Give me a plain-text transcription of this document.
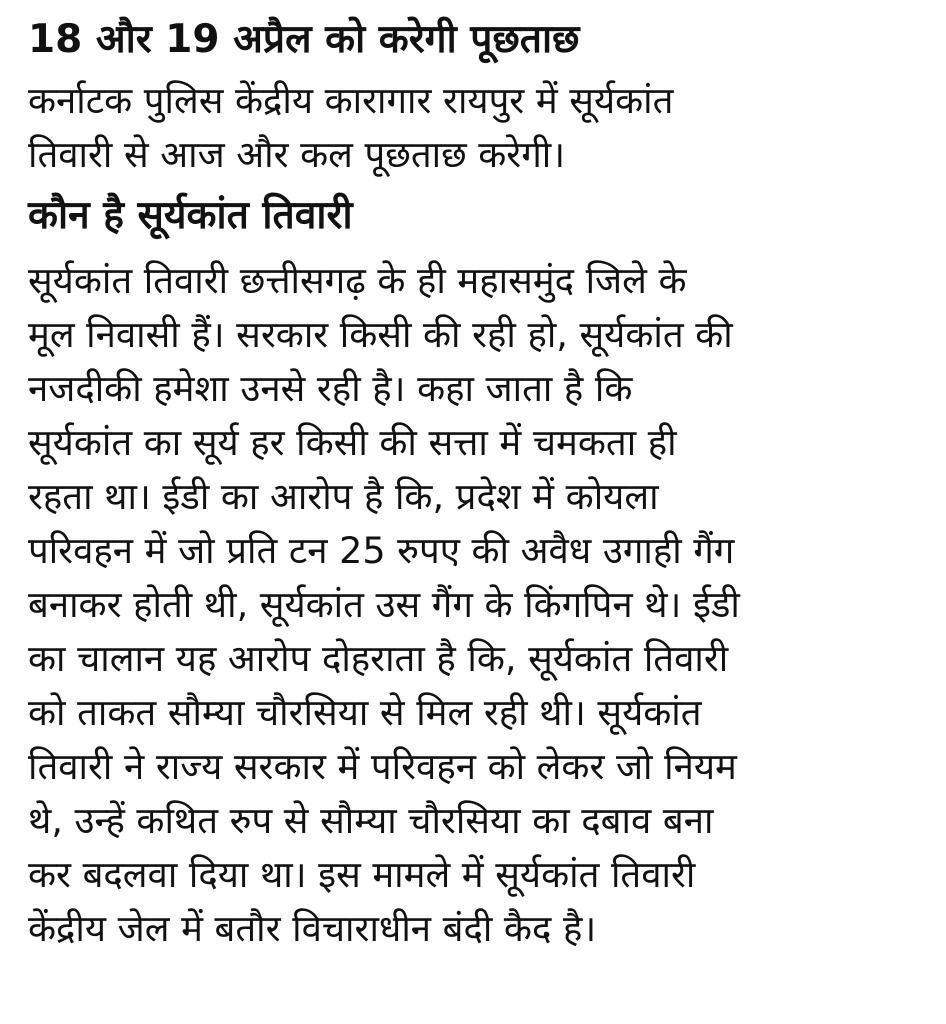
18 और 19 अप्रैल को करेगी पूछताछ

कर्नाटक पुलिस केंद्रीय कारागार रायपुर में सूर्यकांत
तिवारी से आज और कल पूछताछ करेगी।

कौन है सूर्यकांत तिवारी

सूर्यकांत तिवारी छत्तीसगढ़ के ही महासमुंद जिले के
मूल निवासी हैं। सरकार किसी की रही हो, सूर्यकांत की
नजदीकी हमेशा उनसे रही है। कहा जाता है कि
सूर्यकांत का सूर्य हर किसी की सत्ता में चमकता ही
रहता था। ईडी का आरोप है कि, प्रदेश में कोयला
परिवहन में जो प्रति टन 25 रुपए की अवैध उगाही गैंग
बनाकर होती थी, सूर्यकांत उस गैंग के किंगपिन थे। ईडी
का चालान यह आरोप दोहराता है कि, सूर्यकांत तिवारी
को ताकत सौम्या चौरसिया से मिल रही थी। सूर्यकांत
तिवारी ने राज्य सरकार में परिवहन को लेकर जो नियम
थे, उन्हें कथित रुप से सौम्या चौरसिया का दबाव बना
कर बदलवा दिया था। इस मामले में सूर्यकांत तिवारी
केंद्रीय जेल में बतौर विचाराधीन बंदी कैद है।
